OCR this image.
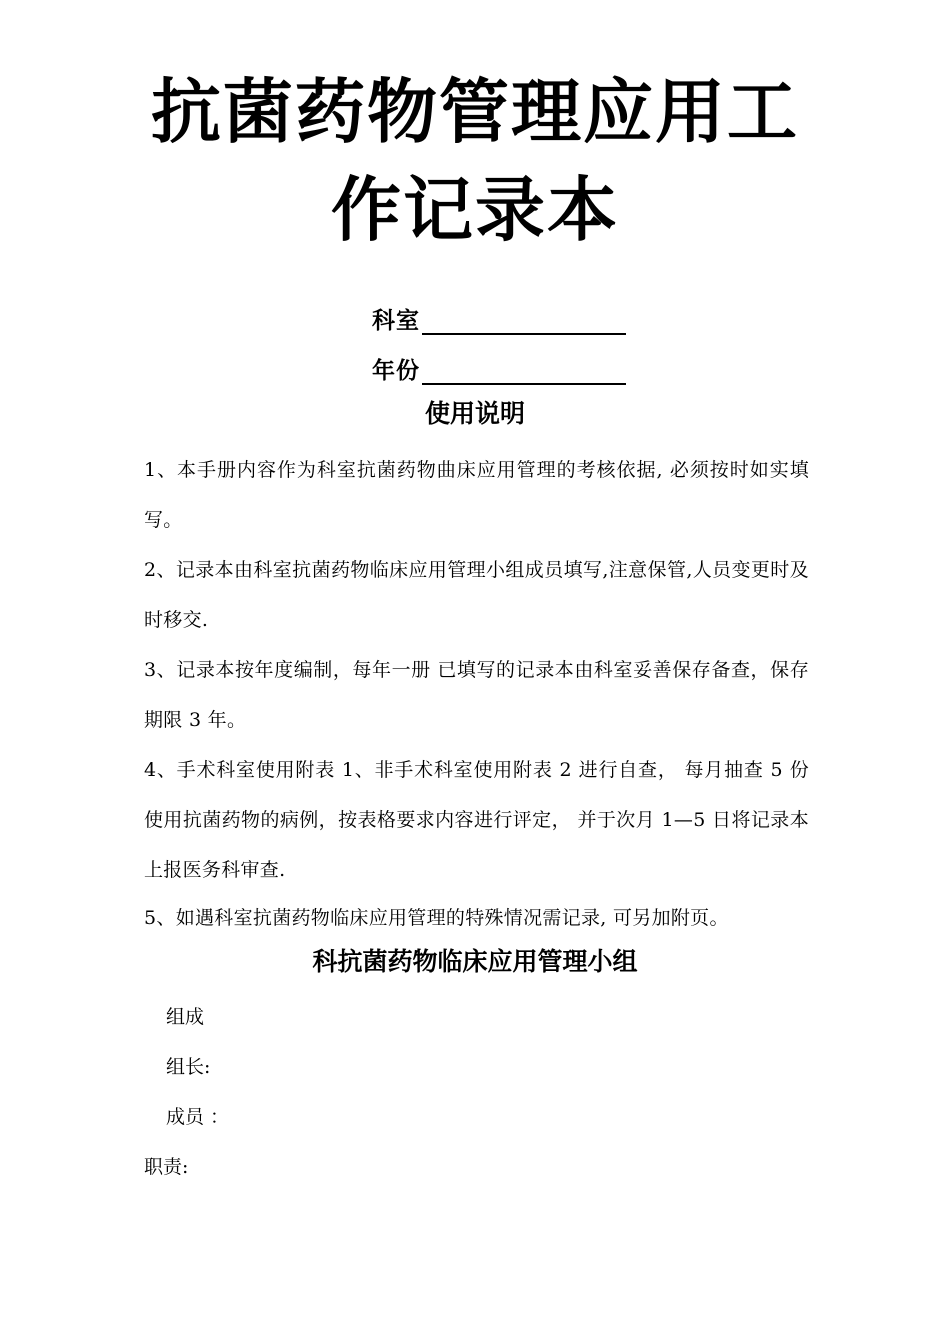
抗菌药物管理应用工
作记录本
科室
年份
使用说明

1、本手册内容作为科室抗菌药物曲床应用管理的考核依据, 必须按时如实填写。

2、记录本由科室抗菌药物临床应用管理小组成员填写,注意保管,人员变更时及时移交.

3、记录本按年度编制，每年一册 已填写的记录本由科室妥善保存备查，保存期限 3 年。

4、手术科室使用附表 1、非手术科室使用附表 2 进行自查， 每月抽查 5 份使用抗菌药物的病例，按表格要求内容进行评定， 并于次月 1—5 日将记录本上报医务科审查.

5、如遇科室抗菌药物临床应用管理的特殊情况需记录, 可另加附页。

科抗菌药物临床应用管理小组
组成
组长:
成员 ：
职责:
